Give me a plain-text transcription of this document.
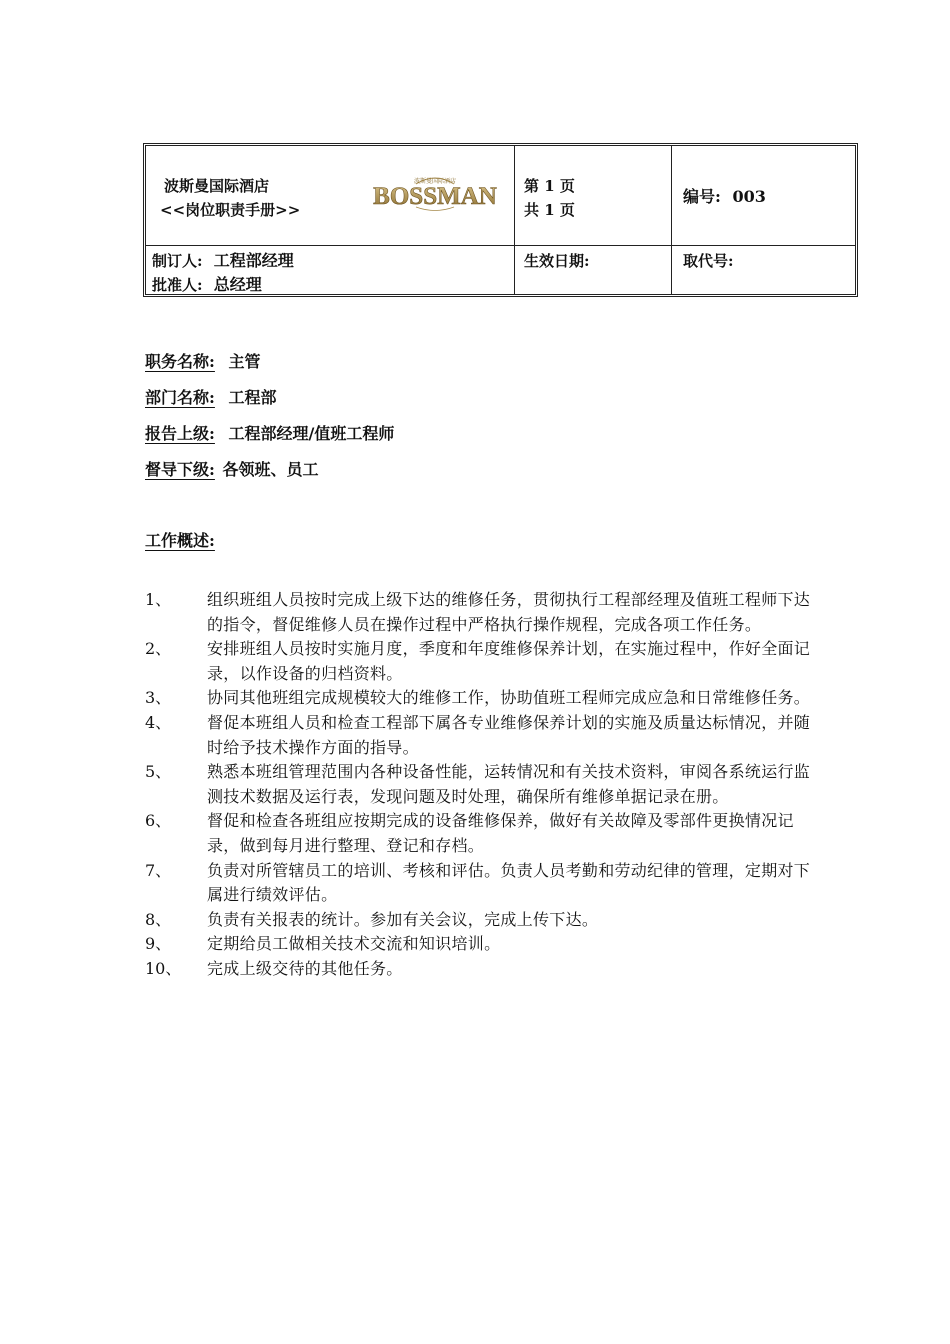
波斯曼国际酒店
<<岗位职责手册>>
波斯曼国际酒店
BOSSMAN 第 1 页
共 1 页
编号: 003
制订人: 工程部经理
批准人: 总经理
生效日期:	取代号:
职务名称: 主管
部门名称: 工程部
报告上级: 工程部经理/值班工程师
督导下级: 各领班、员工
工作概述:
1、 组织班组人员按时完成上级下达的维修任务，贯彻执行工程部经理及值班工程师下达的指令，督促维修人员在操作过程中严格执行操作规程，完成各项工作任务。
2、 安排班组人员按时实施月度，季度和年度维修保养计划，在实施过程中，作好全面记录，以作设备的归档资料。
3、 协同其他班组完成规模较大的维修工作，协助值班工程师完成应急和日常维修任务。
4、 督促本班组人员和检查工程部下属各专业维修保养计划的实施及质量达标情况，并随时给予技术操作方面的指导。
5、 熟悉本班组管理范围内各种设备性能，运转情况和有关技术资料，审阅各系统运行监测技术数据及运行表，发现问题及时处理，确保所有维修单据记录在册。
6、 督促和检查各班组应按期完成的设备维修保养，做好有关故障及零部件更换情况记录，做到每月进行整理、登记和存档。
7、 负责对所管辖员工的培训、考核和评估。负责人员考勤和劳动纪律的管理，定期对下属进行绩效评估。
8、 负责有关报表的统计。参加有关会议，完成上传下达。
9、 定期给员工做相关技术交流和知识培训。
10、 完成上级交待的其他任务。
